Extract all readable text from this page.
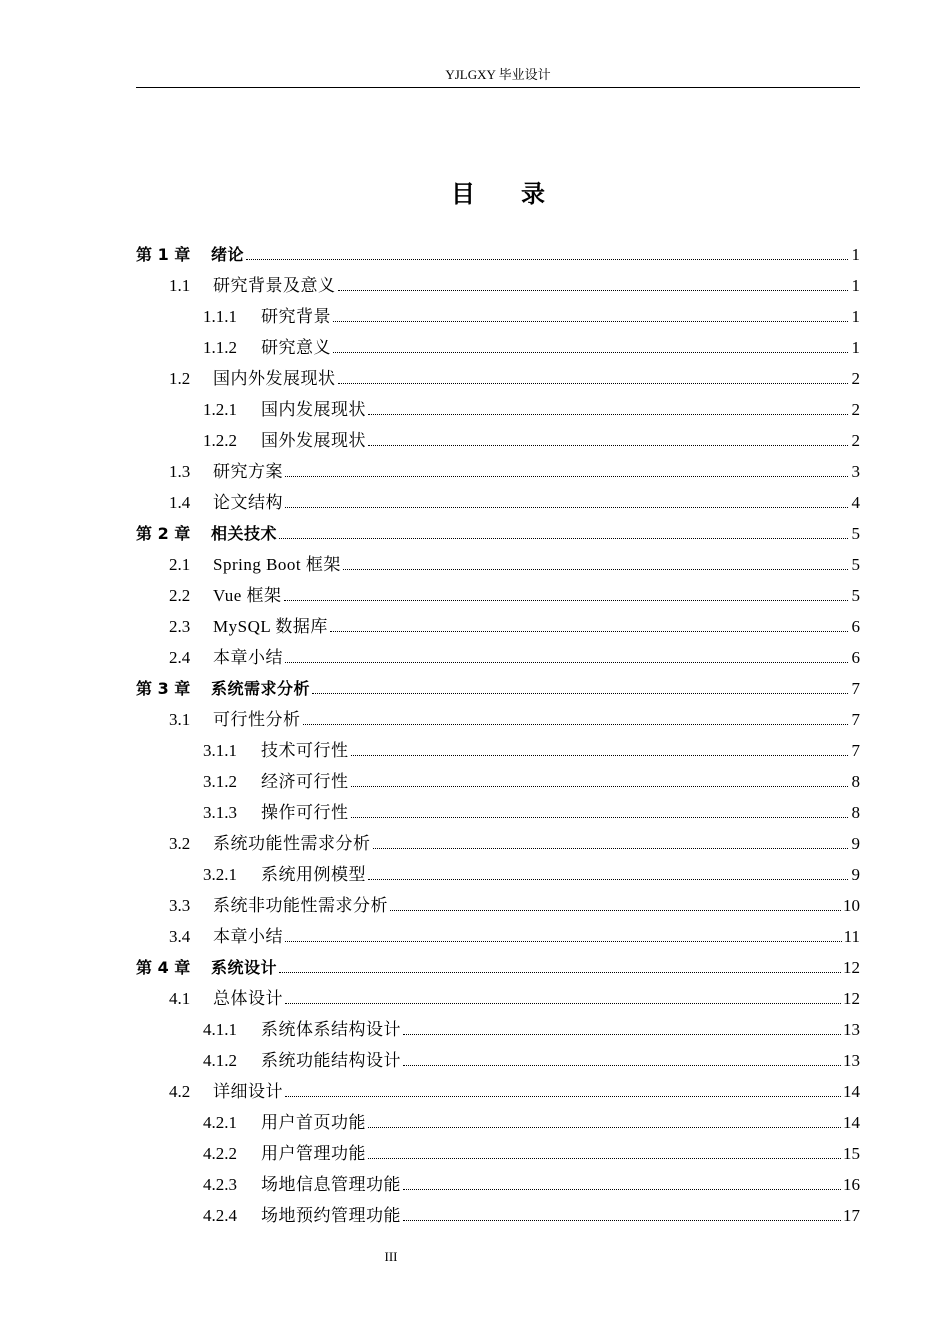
YJLGXY 毕业设计
目 录
第 1 章	绪论	1
1.1	研究背景及意义	1
1.1.1	研究背景	1
1.1.2	研究意义	1
1.2	国内外发展现状	2
1.2.1	国内发展现状	2
1.2.2	国外发展现状	2
1.3	研究方案	3
1.4	论文结构	4
第 2 章	相关技术	5
2.1	Spring Boot 框架	5
2.2	Vue 框架	5
2.3	MySQL 数据库	6
2.4	本章小结	6
第 3 章	系统需求分析	7
3.1	可行性分析	7
3.1.1	技术可行性	7
3.1.2	经济可行性	8
3.1.3	操作可行性	8
3.2	系统功能性需求分析	9
3.2.1	系统用例模型	9
3.3	系统非功能性需求分析	10
3.4	本章小结	11
第 4 章	系统设计	12
4.1	总体设计	12
4.1.1	系统体系结构设计	13
4.1.2	系统功能结构设计	13
4.2	详细设计	14
4.2.1	用户首页功能	14
4.2.2	用户管理功能	15
4.2.3	场地信息管理功能	16
4.2.4	场地预约管理功能	17
III
